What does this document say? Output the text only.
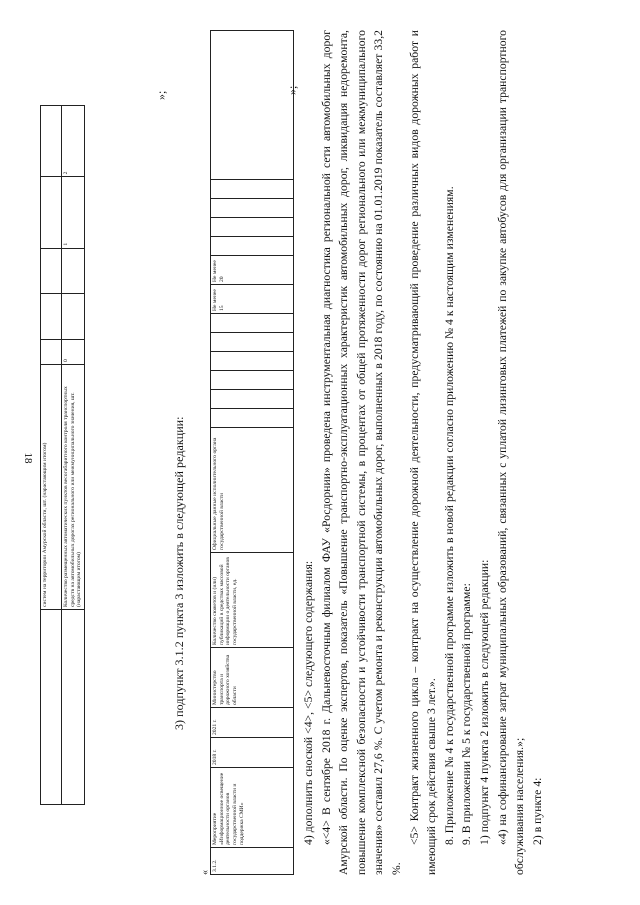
18
	систем на территории Амурской области, шт. (нарастающим итогом)					
	Количество размещенных автоматических пунктов весогабаритного контроля транспортных средств на автомобильных дорогах регионального или межмуниципального значения, шт. (нарастающим итогом)	0			1	2
»;
3) подпункт 3.1.2 пункта 3 изложить в следующей редакции:
«
3.1.2.	Мероприятие «Информационное освещение деятельности органов государственной власти и поддержка СМИ»	2018 г.	2021 г.	Министерство транспорта и дорожного хозяйства области	Количество сюжетов и (или) публикаций в средствах массовой информации о деятельности органов государственной власти, ед.	Официальные данные исполнительного органа государственной власти							Не менее 15	Не менее 20					
»;

4) дополнить сноской <4>, <5> следующего содержания: «<4> В сентябре 2018 г. Дальневосточным филиалом ФАУ «Росдорнии» проведена инструментальная диагностика региональной сети автомобильных дорог Амурской области. По оценке экспертов, показатель «Повышение транспортно-эксплуатационных характеристик автомобильных дорог, ликвидация недоремонта, повышение комплексной безопасности и устойчивости транспортной системы, в процентах от общей протяженности дорог регионального или межмуниципального значения» составил 27,6 %. С учетом ремонта и реконструкции автомобильных дорог, выполненных в 2018 году, по состоянию на 01.01.2019 показатель составляет 33,2 %.

<5> Контракт жизненного цикла – контракт на осуществление дорожной деятельности, предусматривающий проведение различных видов дорожных работ и имеющий срок действия свыше 3 лет.». 8. Приложение № 4 к государственной программе изложить в новой редакции согласно приложению № 4 к настоящим изменениям. 9. В приложении № 5 к государственной программе: 1) подпункт 4 пункта 2 изложить в следующей редакции: «4) на софинансирование затрат муниципальных образований, связанных с уплатой лизинговых платежей по закупке автобусов для организации транспортного обслуживания населения.»; 2) в пункте 4:
